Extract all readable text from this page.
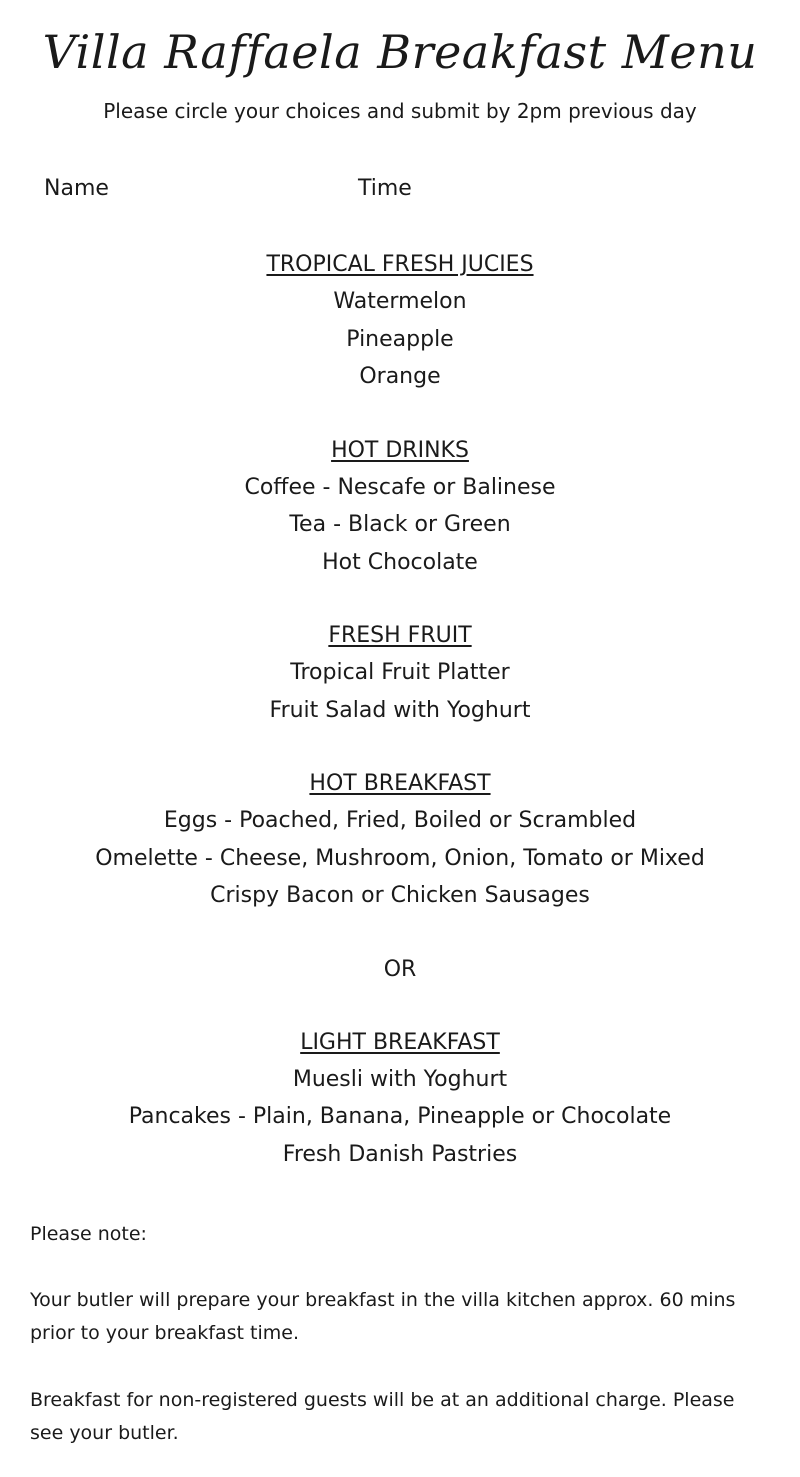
Villa Raffaela Breakfast Menu
Please circle your choices and submit by 2pm previous day
Name	Time
TROPICAL FRESH JUCIES
Watermelon
Pineapple
Orange
HOT DRINKS
Coffee - Nescafe or Balinese
Tea - Black or Green
Hot Chocolate
FRESH FRUIT
Tropical Fruit Platter
Fruit Salad with Yoghurt
HOT BREAKFAST
Eggs - Poached, Fried, Boiled or Scrambled
Omelette - Cheese, Mushroom, Onion, Tomato or Mixed
Crispy Bacon or Chicken Sausages
OR
LIGHT BREAKFAST
Muesli with Yoghurt
Pancakes - Plain, Banana, Pineapple or Chocolate
Fresh Danish Pastries
Please note:
Your butler will prepare your breakfast in the villa kitchen approx. 60 mins prior to your breakfast time.
Breakfast for non-registered guests will be at an additional charge. Please see your butler.
